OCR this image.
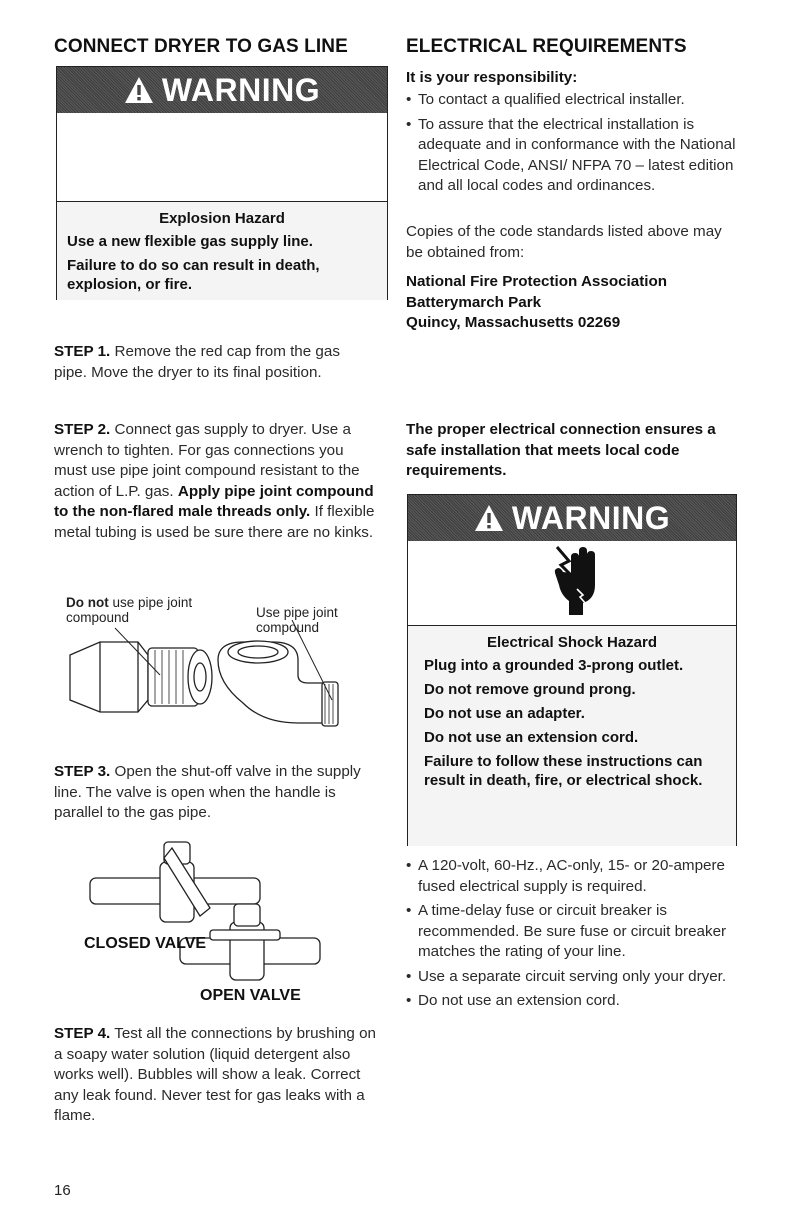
CONNECT DRYER TO GAS LINE
WARNING
Explosion Hazard
Use a new flexible gas supply line.
Failure to do so can result in death, explosion, or fire.
STEP 1. Remove the red cap from the gas pipe. Move the dryer to its final position.
STEP 2. Connect gas supply to dryer. Use a wrench to tighten. For gas connections you must use pipe joint compound resistant to the action of L.P. gas. Apply pipe joint compound to the non-flared male threads only. If flexible metal tubing is used be sure there are no kinks.
Do not use pipe joint compound	Use pipe joint compound
STEP 3. Open the shut-off valve in the supply line. The valve is open when the handle is parallel to the gas pipe.
CLOSED VALVE
OPEN VALVE
STEP 4. Test all the connections by brushing on a soapy water solution (liquid detergent also works well). Bubbles will show a leak. Correct any leak found. Never test for gas leaks with a flame.
ELECTRICAL REQUIREMENTS
It is your responsibility:
• To contact a qualified electrical installer.
• To assure that the electrical installation is adequate and in conformance with the National Electrical Code, ANSI/ NFPA 70 – latest edition and all local codes and ordinances.
Copies of the code standards listed above may be obtained from:
National Fire Protection Association
Batterymarch Park
Quincy, Massachusetts 02269
The proper electrical connection ensures a safe installation that meets local code requirements.
WARNING
Electrical Shock Hazard
Plug into a grounded 3-prong outlet.
Do not remove ground prong.
Do not use an adapter.
Do not use an extension cord.
Failure to follow these instructions can result in death, fire, or electrical shock.
• A 120-volt, 60-Hz., AC-only, 15- or 20-ampere fused electrical supply is required.
• A time-delay fuse or circuit breaker is recommended. Be sure fuse or circuit breaker matches the rating of your line.
• Use a separate circuit serving only your dryer.
• Do not use an extension cord.
16
